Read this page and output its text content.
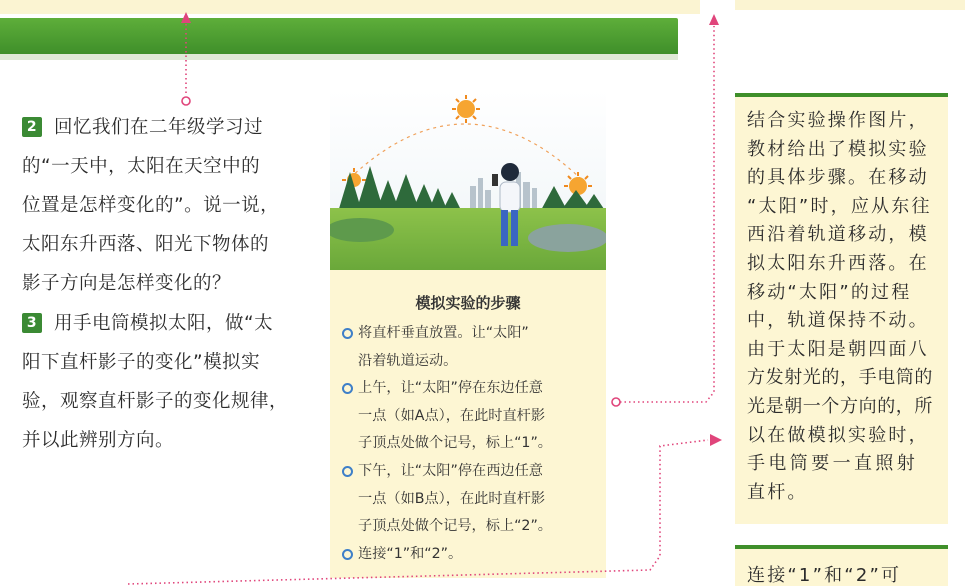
2 回忆我们在二年级学习过
的“一天中，太阳在天空中的
位置是怎样变化的”。说一说，
太阳东升西落、阳光下物体的
影子方向是怎样变化的？
3 用手电筒模拟太阳，做“太
阳下直杆影子的变化”模拟实
验，观察直杆影子的变化规律，
并以此辨别方向。
模拟实验的步骤
将直杆垂直放置。让“太阳”
沿着轨道运动。
上午，让“太阳”停在东边任意
一点（如A点），在此时直杆影
子顶点处做个记号，标上“1”。
下午，让“太阳”停在西边任意
一点（如B点），在此时直杆影
子顶点处做个记号，标上“2”。
连接“1”和“2”。
结合实验操作图片，
教材给出了模拟实验
的具体步骤。在移动
“太阳”时，应从东往
西沿着轨道移动，模
拟太阳东升西落。在
移动“太阳”的过程
中，轨道保持不动。
由于太阳是朝四面八
方发射光的，手电筒的
光是朝一个方向的，所
以在做模拟实验时，
手电筒要一直照射
直杆。
连接“1”和“2”可
